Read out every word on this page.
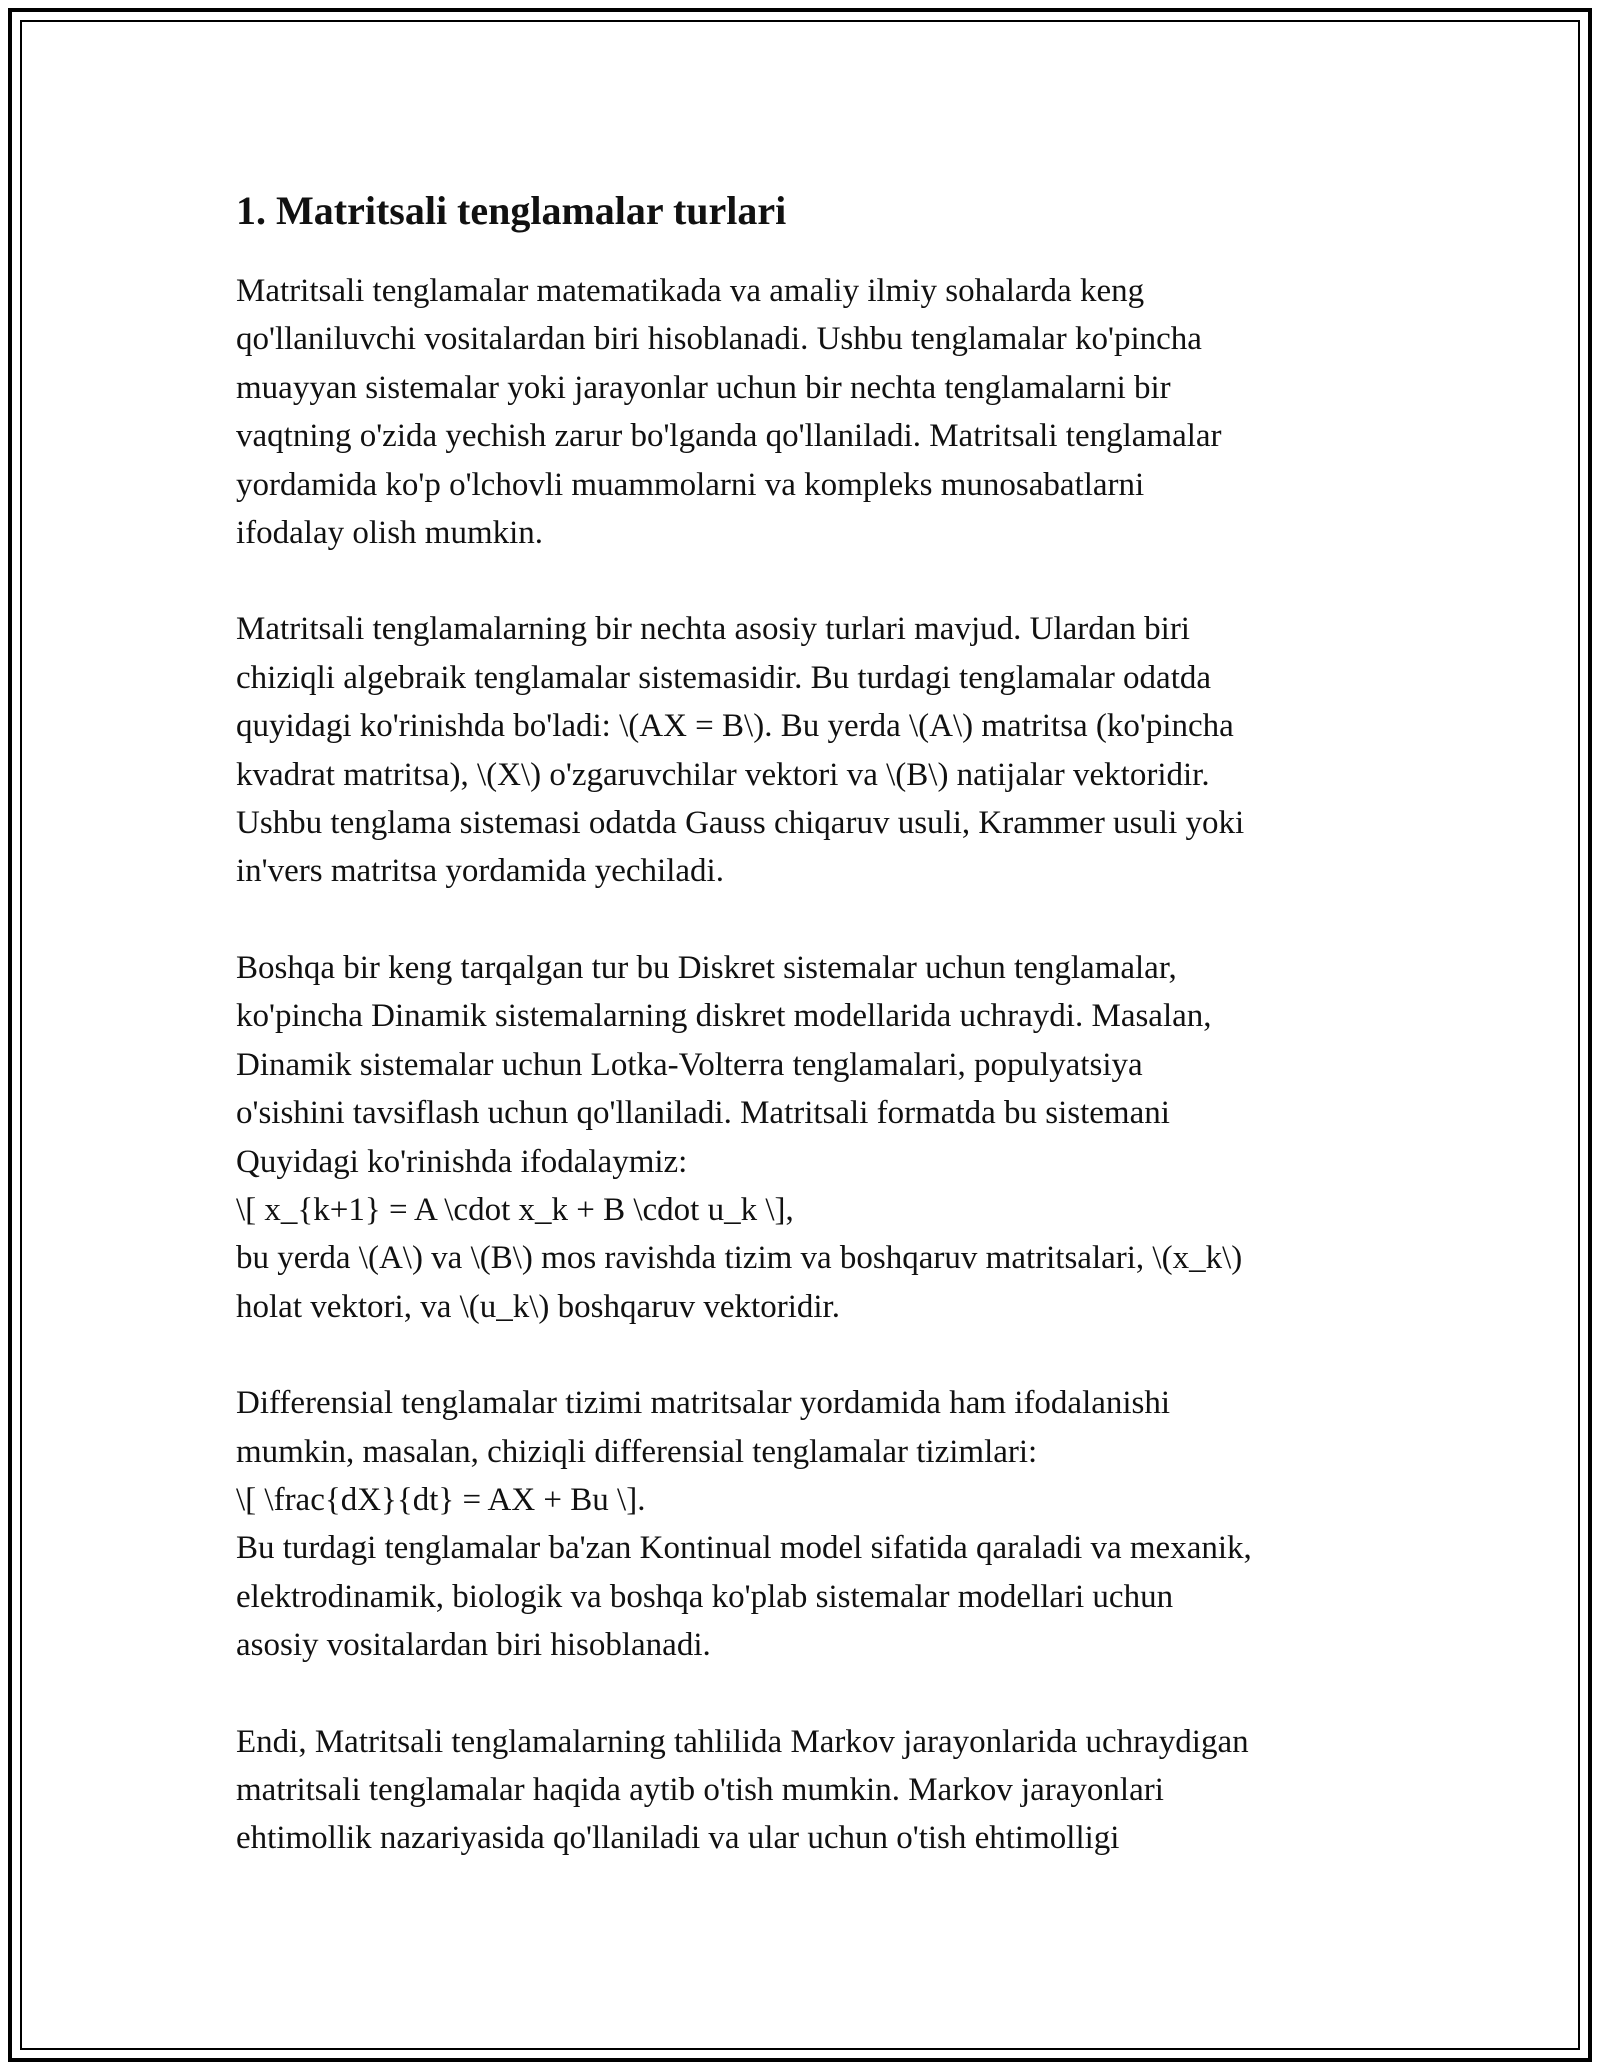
1. Matritsali tenglamalar turlari

Matritsali tenglamalar matematikada va amaliy ilmiy sohalarda keng
qo'llaniluvchi vositalardan biri hisoblanadi. Ushbu tenglamalar ko'pincha
muayyan sistemalar yoki jarayonlar uchun bir nechta tenglamalarni bir
vaqtning o'zida yechish zarur bo'lganda qo'llaniladi. Matritsali tenglamalar
yordamida ko'p o'lchovli muammolarni va kompleks munosabatlarni
ifodalay olish mumkin.

Matritsali tenglamalarning bir nechta asosiy turlari mavjud. Ulardan biri
chiziqli algebraik tenglamalar sistemasidir. Bu turdagi tenglamalar odatda
quyidagi ko'rinishda bo'ladi: \(AX = B\). Bu yerda \(A\) matritsa (ko'pincha
kvadrat matritsa), \(X\) o'zgaruvchilar vektori va \(B\) natijalar vektoridir.
Ushbu tenglama sistemasi odatda Gauss chiqaruv usuli, Krammer usuli yoki
in'vers matritsa yordamida yechiladi.

Boshqa bir keng tarqalgan tur bu Diskret sistemalar uchun tenglamalar,
ko'pincha Dinamik sistemalarning diskret modellarida uchraydi. Masalan,
Dinamik sistemalar uchun Lotka-Volterra tenglamalari, populyatsiya
o'sishini tavsiflash uchun qo'llaniladi. Matritsali formatda bu sistemani
Quyidagi ko'rinishda ifodalaymiz:
\[ x_{k+1} = A \cdot x_k + B \cdot u_k \],
bu yerda \(A\) va \(B\) mos ravishda tizim va boshqaruv matritsalari, \(x_k\)
holat vektori, va \(u_k\) boshqaruv vektoridir.

Differensial tenglamalar tizimi matritsalar yordamida ham ifodalanishi
mumkin, masalan, chiziqli differensial tenglamalar tizimlari:
\[ \frac{dX}{dt} = AX + Bu \].
Bu turdagi tenglamalar ba'zan Kontinual model sifatida qaraladi va mexanik,
elektrodinamik, biologik va boshqa ko'plab sistemalar modellari uchun
asosiy vositalardan biri hisoblanadi.

Endi, Matritsali tenglamalarning tahlilida Markov jarayonlarida uchraydigan
matritsali tenglamalar haqida aytib o'tish mumkin. Markov jarayonlari
ehtimollik nazariyasida qo'llaniladi va ular uchun o'tish ehtimolligi
